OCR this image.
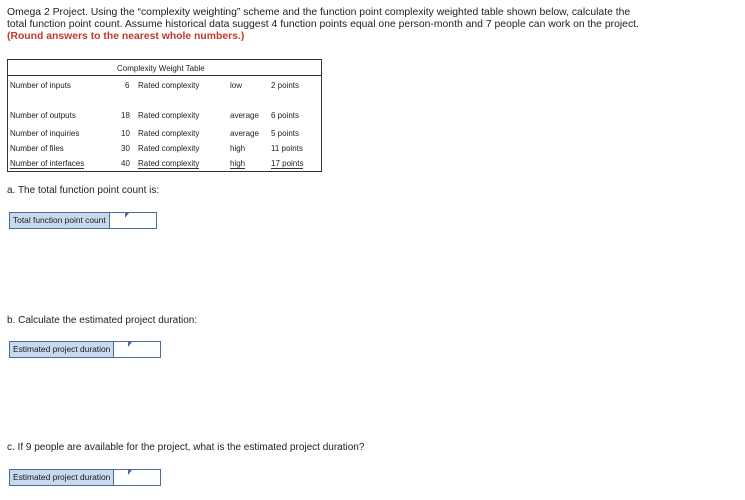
Omega 2 Project. Using the “complexity weighting” scheme and the function point complexity weighted table shown below, calculate the total function point count. Assume historical data suggest 4 function points equal one person-month and 7 people can work on the project. (Round answers to the nearest whole numbers.)
Complexity Weight Table
Number of inputs	6 Rated complexity	low	2 points
Number of outputs	18 Rated complexity	average 6 points
Number of inquiries	10 Rated complexity	average 5 points
Number of files	30 Rated complexity	high	11 points
Number of interfaces	40 Rated complexity	high	17 points
a. The total function point count is:
Total function point count
b. Calculate the estimated project duration:
Estimated project duration
c. If 9 people are available for the project, what is the estimated project duration?
Estimated project duration
